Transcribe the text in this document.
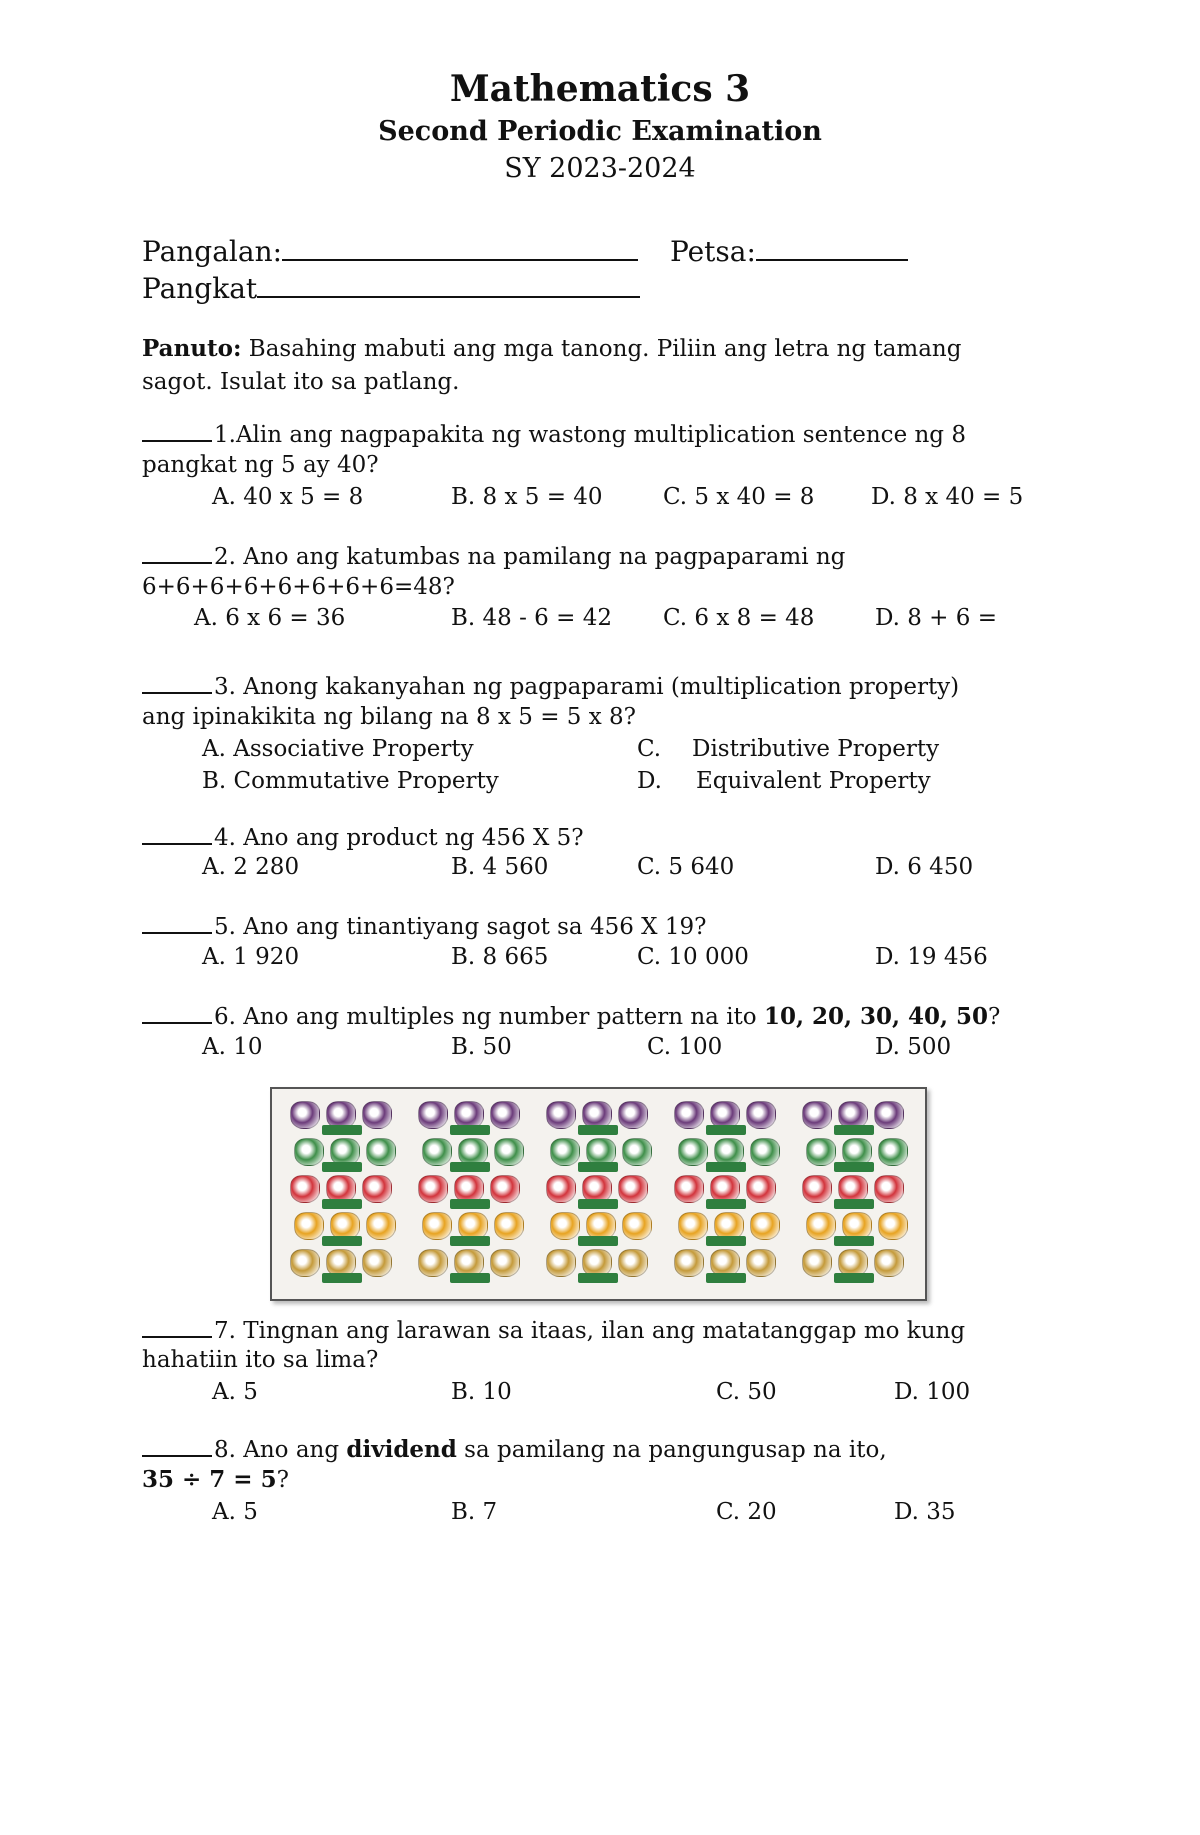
Mathematics 3
Second Periodic Examination
SY 2023-2024
Pangalan:	Petsa:
Pangkat
Panuto: Basahing mabuti ang mga tanong. Piliin ang letra ng tamang
sagot. Isulat ito sa patlang.
1.Alin ang nagpapakita ng wastong multiplication sentence ng 8
pangkat ng 5 ay 40?
A. 40 x 5 = 8	B. 8 x 5 = 40	C. 5 x 40 = 8 D. 8 x 40 = 5
2. Ano ang katumbas na pamilang na pagpaparami ng
6+6+6+6+6+6+6+6=48?
A. 6 x 6 = 36	B. 48 - 6 = 42 C. 6 x 8 = 48	D. 8 + 6 =
3. Anong kakanyahan ng pagpaparami (multiplication property)
ang ipinakikita ng bilang na 8 x 5 = 5 x 8?
A. Associative Property
B. Commutative Property
C. Distributive Property
D. Equivalent Property
4. Ano ang product ng 456 X 5?
A. 2 280	B. 4 560	C. 5 640	D. 6 450
5. Ano ang tinantiyang sagot sa 456 X 19?
A. 1 920	B. 8 665	C. 10 000	D. 19 456
6. Ano ang multiples ng number pattern na ito 10, 20, 30, 40, 50?
A. 10	B. 50	C. 100	D. 500
7. Tingnan ang larawan sa itaas, ilan ang matatanggap mo kung
hahatiin ito sa lima?
A. 5	B. 10	C. 50	D. 100
8. Ano ang dividend sa pamilang na pangungusap na ito,
35 ÷ 7 = 5?
A. 5	B. 7	C. 20	D. 35
